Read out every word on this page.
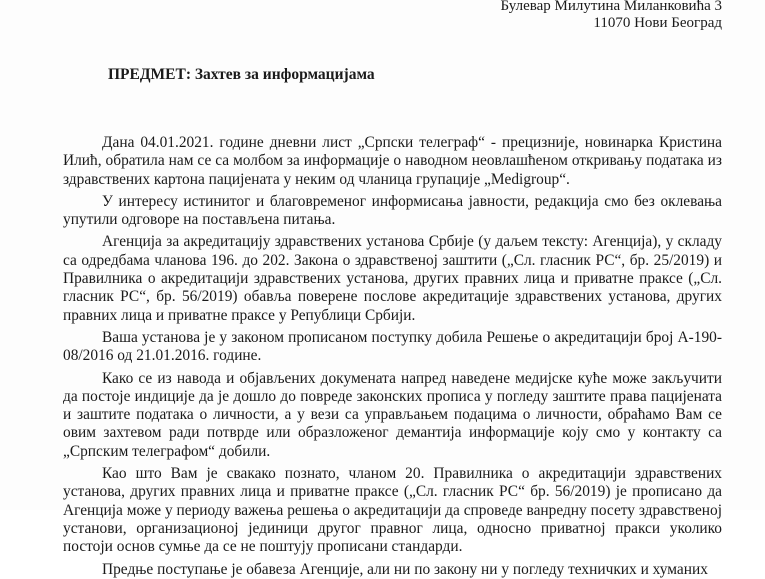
Булевар Милутина Миланковића 3
11070 Нови Београд
ПРЕДМЕТ: Захтев за информацијама

Дана 04.01.2021. године дневни лист „Српски телеграф“ - прецизније, новинарка Кристина Илић, обратила нам се са молбом за информације о наводном неовлашћеном откривању података из здравствених картона пацијената у неким од чланица групације „Medigroup“.

У интересу истинитог и благовременог информисања јавности, редакција смо без оклевања упутили одговоре на постављена питања.

Агенција за акредитацију здравствених установа Србије (у даљем тексту: Агенција), у складу са одредбама чланова 196. до 202. Закона о здравственој заштити („Сл. гласник РС“, бр. 25/2019) и Правилника о акредитацији здравствених установа, других правних лица и приватне праксе („Сл. гласник РС“, бр. 56/2019) обавља поверене послове акредитације здравствених установа, других правних лица и приватне праксе у Републици Србији.

Ваша установа је у законом прописаном поступку добила Решење о акредитацији број А-190-08/2016 од 21.01.2016. године.

Како се из навода и објављених докумената напред наведене медијске куће може закључити да постоје индиције да је дошло до повреде законских прописа у погледу заштите права пацијената и заштите података о личности, а у вези са управљањем подацима о личности, обраћамо Вам се овим захтевом ради потврде или образложеног демантија информације коју смо у контакту са „Српским телеграфом“ добили.

Као што Вам је свакако познато, чланом 20. Правилника о акредитацији здравствених установа, других правних лица и приватне праксе („Сл. гласник РС“ бр. 56/2019) је прописано да Агенција може у периоду важења решења о акредитацији да спроведе ванредну посету здравственој установи, организационој јединици другог правног лица, односно приватној пракси уколико постоји основ сумње да се не поштују прописани стандарди.

Предње поступање је обавеза Агенције, али ни по закону ни у погледу техничких и хуманих
